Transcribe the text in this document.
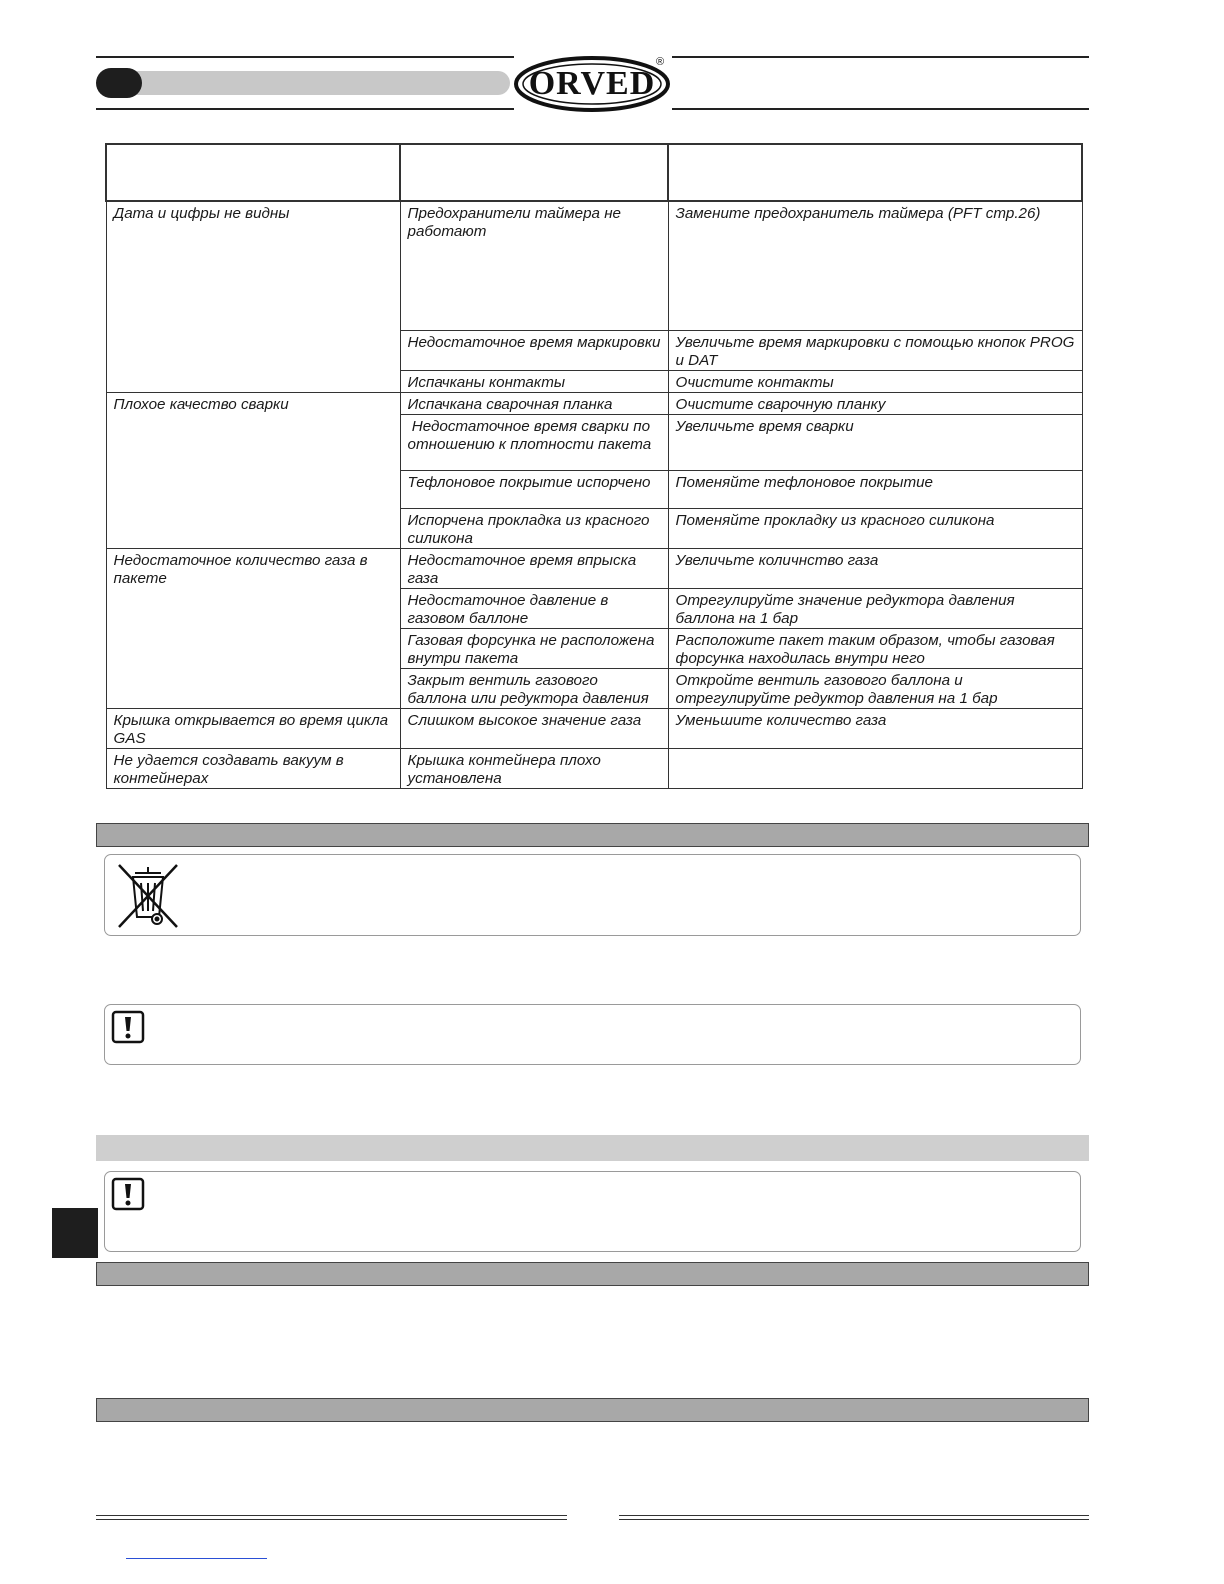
ORVED
®

Дата и цифры не видны	Предохранители таймера не работают	Замените предохранитель таймера (PFT стр.26)
	Недостаточное время маркировки	Увеличьте время маркировки с помощью кнопок PROG и DAT
	Испачканы контакты	Очистите контакты
Плохое качество сварки	Испачкана сварочная планка	Очистите сварочную планку
	Недостаточное время сварки по отношению к плотности пакета	Увеличьте время сварки
	Тефлоновое покрытие испорчено	Поменяйте тефлоновое покрытие
	Испорчена прокладка из красного силикона	Поменяйте прокладку из красного силикона
Недостаточное количество газа в пакете	Недостаточное время впрыска газа	Увеличьте количнство газа
	Недостаточное давление в газовом баллоне	Отрегулируйте значение редуктора давления баллона на 1 бар
	Газовая форсунка не расположена внутри пакета	Расположите пакет таким образом, чтобы газовая форсунка находилась внутри него
	Закрыт вентиль газового баллона или редуктора давления	Откройте вентиль газового баллона и отрегулируйте редуктор давления на 1 бар
Крышка открывается во время цикла GAS	Слишком высокое значение газа	Уменьшите количество газа
Не удается создавать вакуум в контейнерах	Крышка контейнера плохо установлена	
